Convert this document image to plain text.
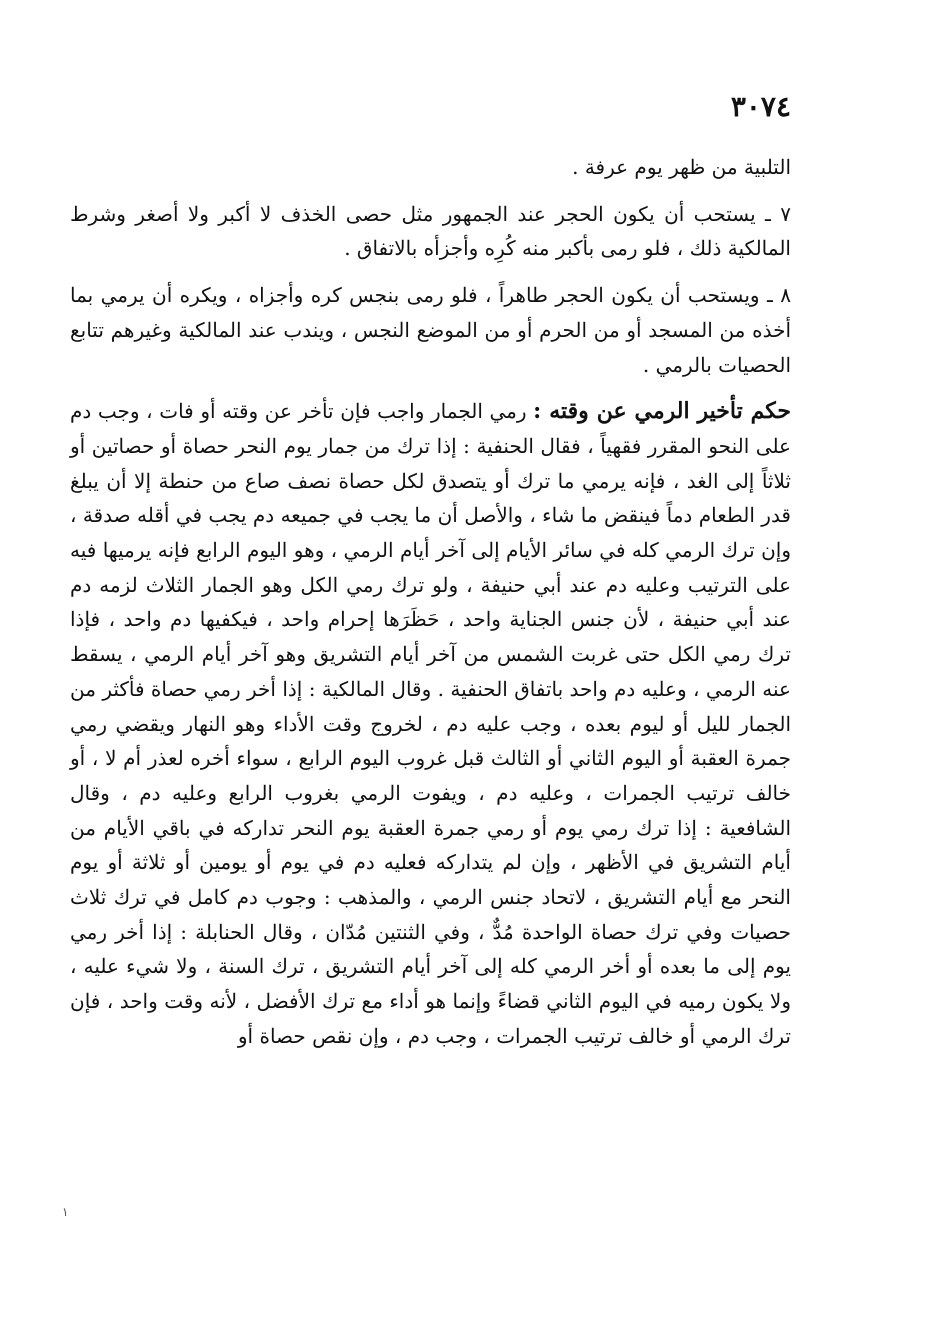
٣٠٧٤

التلبية من ظهر يوم عرفة .

٧ ـ يستحب أن يكون الحجر عند الجمهور مثل حصى الخذف لا أكبر ولا أصغر وشرط المالكية ذلك ، فلو رمى بأكبر منه كُرِه وأجزأه بالاتفاق .

٨ ـ ويستحب أن يكون الحجر طاهراً ، فلو رمى بنجس كره وأجزاه ، ويكره أن يرمي بما أخذه من المسجد أو من الحرم أو من الموضع النجس ، ويندب عند المالكية وغيرهم تتابع الحصيات بالرمي .

حكم تأخير الرمي عن وقته : رمي الجمار واجب فإن تأخر عن وقته أو فات ، وجب دم على النحو المقرر فقهياً ، فقال الحنفية : إذا ترك من جمار يوم النحر حصاة أو حصاتين أو ثلاثاً إلى الغد ، فإنه يرمي ما ترك أو يتصدق لكل حصاة نصف صاع من حنطة إلا أن يبلغ قدر الطعام دماً فينقض ما شاء ، والأصل أن ما يجب في جميعه دم يجب في أقله صدقة ، وإن ترك الرمي كله في سائر الأيام إلى آخر أيام الرمي ، وهو اليوم الرابع فإنه يرميها فيه على الترتيب وعليه دم عند أبي حنيفة ، ولو ترك رمي الكل وهو الجمار الثلاث لزمه دم عند أبي حنيفة ، لأن جنس الجناية واحد ، حَظَرَها إحرام واحد ، فيكفيها دم واحد ، فإذا ترك رمي الكل حتى غربت الشمس من آخر أيام التشريق وهو آخر أيام الرمي ، يسقط عنه الرمي ، وعليه دم واحد باتفاق الحنفية . وقال المالكية : إذا أخر رمي حصاة فأكثر من الجمار لليل أو ليوم بعده ، وجب عليه دم ، لخروج وقت الأداء وهو النهار ويقضي رمي جمرة العقبة أو اليوم الثاني أو الثالث قبل غروب اليوم الرابع ، سواء أخره لعذر أم لا ، أو خالف ترتيب الجمرات ، وعليه دم ، ويفوت الرمي بغروب الرابع وعليه دم ، وقال الشافعية : إذا ترك رمي يوم أو رمي جمرة العقبة يوم النحر تداركه في باقي الأيام من أيام التشريق في الأظهر ، وإن لم يتداركه فعليه دم في يوم أو يومين أو ثلاثة أو يوم النحر مع أيام التشريق ، لاتحاد جنس الرمي ، والمذهب : وجوب دم كامل في ترك ثلاث حصيات وفي ترك حصاة الواحدة مُدٌّ ، وفي الثنتين مُدّان ، وقال الحنابلة : إذا أخر رمي يوم إلى ما بعده أو أخر الرمي كله إلى آخر أيام التشريق ، ترك السنة ، ولا شيء عليه ، ولا يكون رميه في اليوم الثاني قضاءً وإنما هو أداء مع ترك الأفضل ، لأنه وقت واحد ، فإن ترك الرمي أو خالف ترتيب الجمرات ، وجب دم ، وإن نقص حصاة أو

١
